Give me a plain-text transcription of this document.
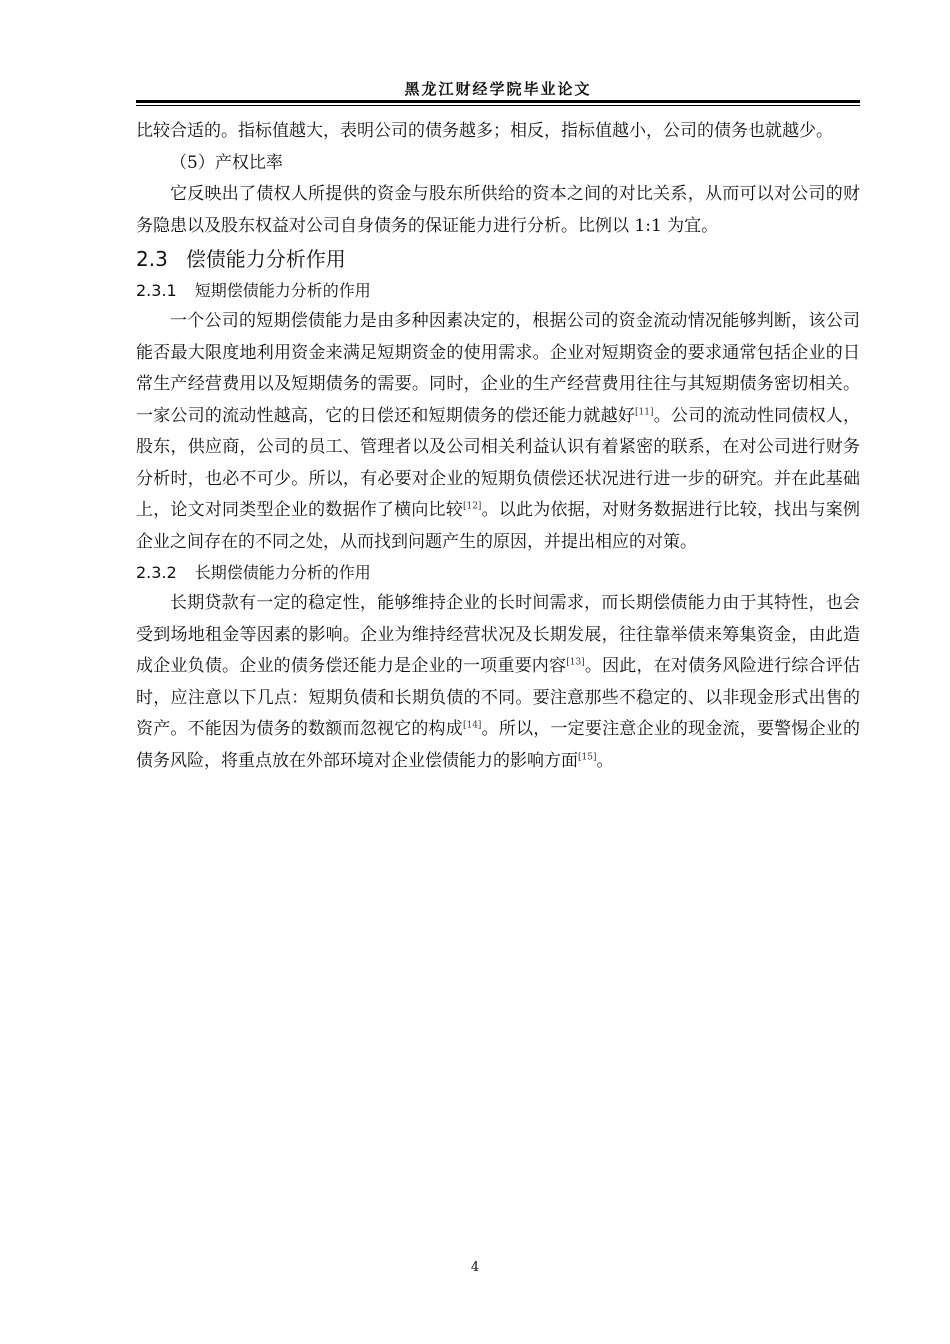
黑龙江财经学院毕业论文

比较合适的。指标值越大，表明公司的债务越多；相反，指标值越小，公司的债务也就越少。

（5）产权比率

它反映出了债权人所提供的资金与股东所供给的资本之间的对比关系，从而可以对公司的财务隐患以及股东权益对公司自身债务的保证能力进行分析。比例以 1:1 为宜。

2.3 偿债能力分析作用
2.3.1 短期偿债能力分析的作用

一个公司的短期偿债能力是由多种因素决定的，根据公司的资金流动情况能够判断，该公司能否最大限度地利用资金来满足短期资金的使用需求。企业对短期资金的要求通常包括企业的日常生产经营费用以及短期债务的需要。同时，企业的生产经营费用往往与其短期债务密切相关。一家公司的流动性越高，它的日偿还和短期债务的偿还能力就越好[11]。公司的流动性同债权人，股东，供应商，公司的员工、管理者以及公司相关利益认识有着紧密的联系，在对公司进行财务分析时，也必不可少。所以，有必要对企业的短期负债偿还状况进行进一步的研究。并在此基础上，论文对同类型企业的数据作了横向比较[12]。以此为依据，对财务数据进行比较，找出与案例企业之间存在的不同之处，从而找到问题产生的原因，并提出相应的对策。

2.3.2 长期偿债能力分析的作用

长期贷款有一定的稳定性，能够维持企业的长时间需求，而长期偿债能力由于其特性，也会受到场地租金等因素的影响。企业为维持经营状况及长期发展，往往靠举债来筹集资金，由此造成企业负债。企业的债务偿还能力是企业的一项重要内容[13]。因此，在对债务风险进行综合评估时，应注意以下几点：短期负债和长期负债的不同。要注意那些不稳定的、以非现金形式出售的资产。不能因为债务的数额而忽视它的构成[14]。所以，一定要注意企业的现金流，要警惕企业的债务风险，将重点放在外部环境对企业偿债能力的影响方面[15]。

4
